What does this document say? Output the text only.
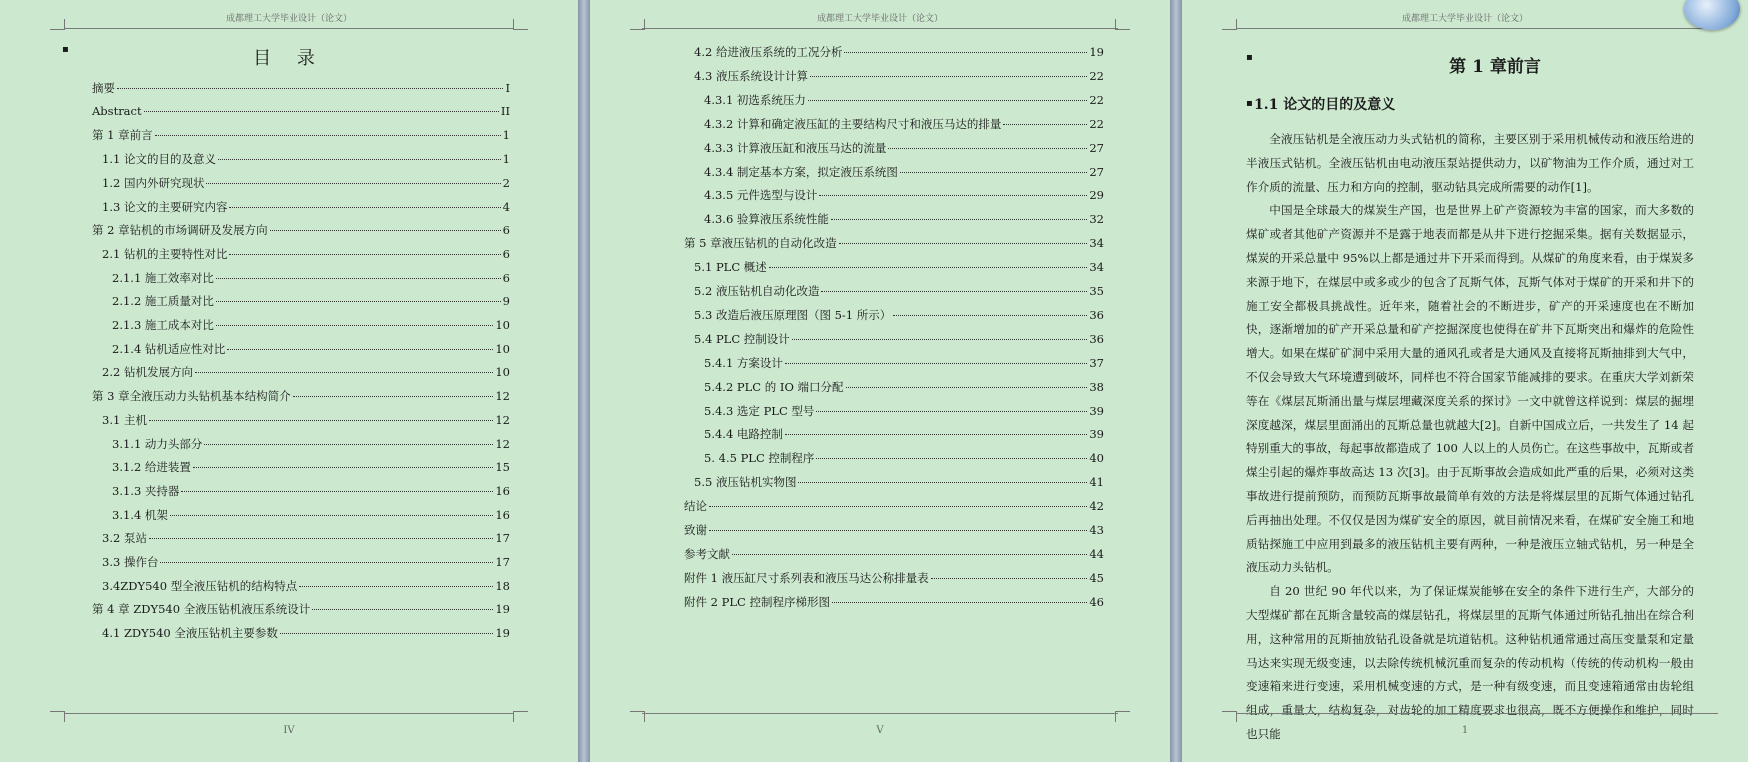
成都理工大学毕业设计（论文）
▪	目 录
摘要	I
Abstract	II
第 1 章前言	1
1.1 论文的目的及意义	1
1.2 国内外研究现状	2
1.3 论文的主要研究内容	4
第 2 章钻机的市场调研及发展方向	6
2.1 钻机的主要特性对比	6
2.1.1 施工效率对比	6
2.1.2 施工质量对比	9
2.1.3 施工成本对比	10
2.1.4 钻机适应性对比	10
2.2 钻机发展方向	10
第 3 章全液压动力头钻机基本结构简介	12
3.1 主机	12
3.1.1 动力头部分	12
3.1.2 给进装置	15
3.1.3 夹持器	16
3.1.4 机架	16
3.2 泵站	17
3.3 操作台	17
3.4ZDY540 型全液压钻机的结构特点	18
第 4 章 ZDY540 全液压钻机液压系统设计	19
4.1 ZDY540 全液压钻机主要参数	19
IV
成都理工大学毕业设计（论文）
4.2 给进液压系统的工况分析	19
4.3 液压系统设计计算	22
4.3.1 初选系统压力	22
4.3.2 计算和确定液压缸的主要结构尺寸和液压马达的排量	22
4.3.3 计算液压缸和液压马达的流量	27
4.3.4 制定基本方案，拟定液压系统图	27
4.3.5 元件选型与设计	29
4.3.6 验算液压系统性能	32
第 5 章液压钻机的自动化改造	34
5.1 PLC 概述	34
5.2 液压钻机自动化改造	35
5.3 改造后液压原理图（图 5-1 所示）	36
5.4 PLC 控制设计	36
5.4.1 方案设计	37
5.4.2 PLC 的 IO 端口分配	38
5.4.3 选定 PLC 型号	39
5.4.4 电路控制	39
5. 4.5 PLC 控制程序	40
5.5 液压钻机实物图	41
结论	42
致谢	43
参考文献	44
附件 1 液压缸尺寸系列表和液压马达公称排量表	45
附件 2 PLC 控制程序梯形图	46
V
成都理工大学毕业设计（论文）
▪	第 1 章前言
▪ 1.1 论文的目的及意义

全液压钻机是全液压动力头式钻机的简称，主要区别于采用机械传动和液压给进的半液压式钻机。全液压钻机由电动液压泵站提供动力，以矿物油为工作介质，通过对工作介质的流量、压力和方向的控制，驱动钻具完成所需要的动作[1]。

中国是全球最大的煤炭生产国，也是世界上矿产资源较为丰富的国家，而大多数的煤矿或者其他矿产资源并不是露于地表而都是从井下进行挖掘采集。据有关数据显示，煤炭的开采总量中 95%以上都是通过井下开采而得到。从煤矿的角度来看，由于煤炭多来源于地下，在煤层中或多或少的包含了瓦斯气体，瓦斯气体对于煤矿的开采和井下的施工安全都极具挑战性。近年来，随着社会的不断进步，矿产的开采速度也在不断加快，逐渐增加的矿产开采总量和矿产挖掘深度也使得在矿井下瓦斯突出和爆炸的危险性增大。如果在煤矿矿洞中采用大量的通风孔或者是大通风及直接将瓦斯抽排到大气中，不仅会导致大气环境遭到破坏，同样也不符合国家节能减排的要求。在重庆大学刘新荣等在《煤层瓦斯涌出量与煤层埋藏深度关系的探讨》一文中就曾这样说到：煤层的掘埋深度越深，煤层里面涌出的瓦斯总量也就越大[2]。自新中国成立后，一共发生了 14 起特别重大的事故，每起事故都造成了 100 人以上的人员伤亡。在这些事故中，瓦斯或者煤尘引起的爆炸事故高达 13 次[3]。由于瓦斯事故会造成如此严重的后果，必须对这类事故进行提前预防，而预防瓦斯事故最简单有效的方法是将煤层里的瓦斯气体通过钻孔后再抽出处理。不仅仅是因为煤矿安全的原因，就目前情况来看，在煤矿安全施工和地质钻探施工中应用到最多的液压钻机主要有两种，一种是液压立轴式钻机，另一种是全液压动力头钻机。

自 20 世纪 90 年代以来，为了保证煤炭能够在安全的条件下进行生产，大部分的大型煤矿都在瓦斯含量较高的煤层钻孔，将煤层里的瓦斯气体通过所钻孔抽出在综合利用，这种常用的瓦斯抽放钻孔设备就是坑道钻机。这种钻机通常通过高压变量泵和定量马达来实现无级变速，以去除传统机械沉重而复杂的传动机构（传统的传动机构一般由变速箱来进行变速，采用机械变速的方式，是一种有级变速，而且变速箱通常由齿轮组组成，重量大，结构复杂，对齿轮的加工精度要求也很高，既不方便操作和维护，同时也只能	1
